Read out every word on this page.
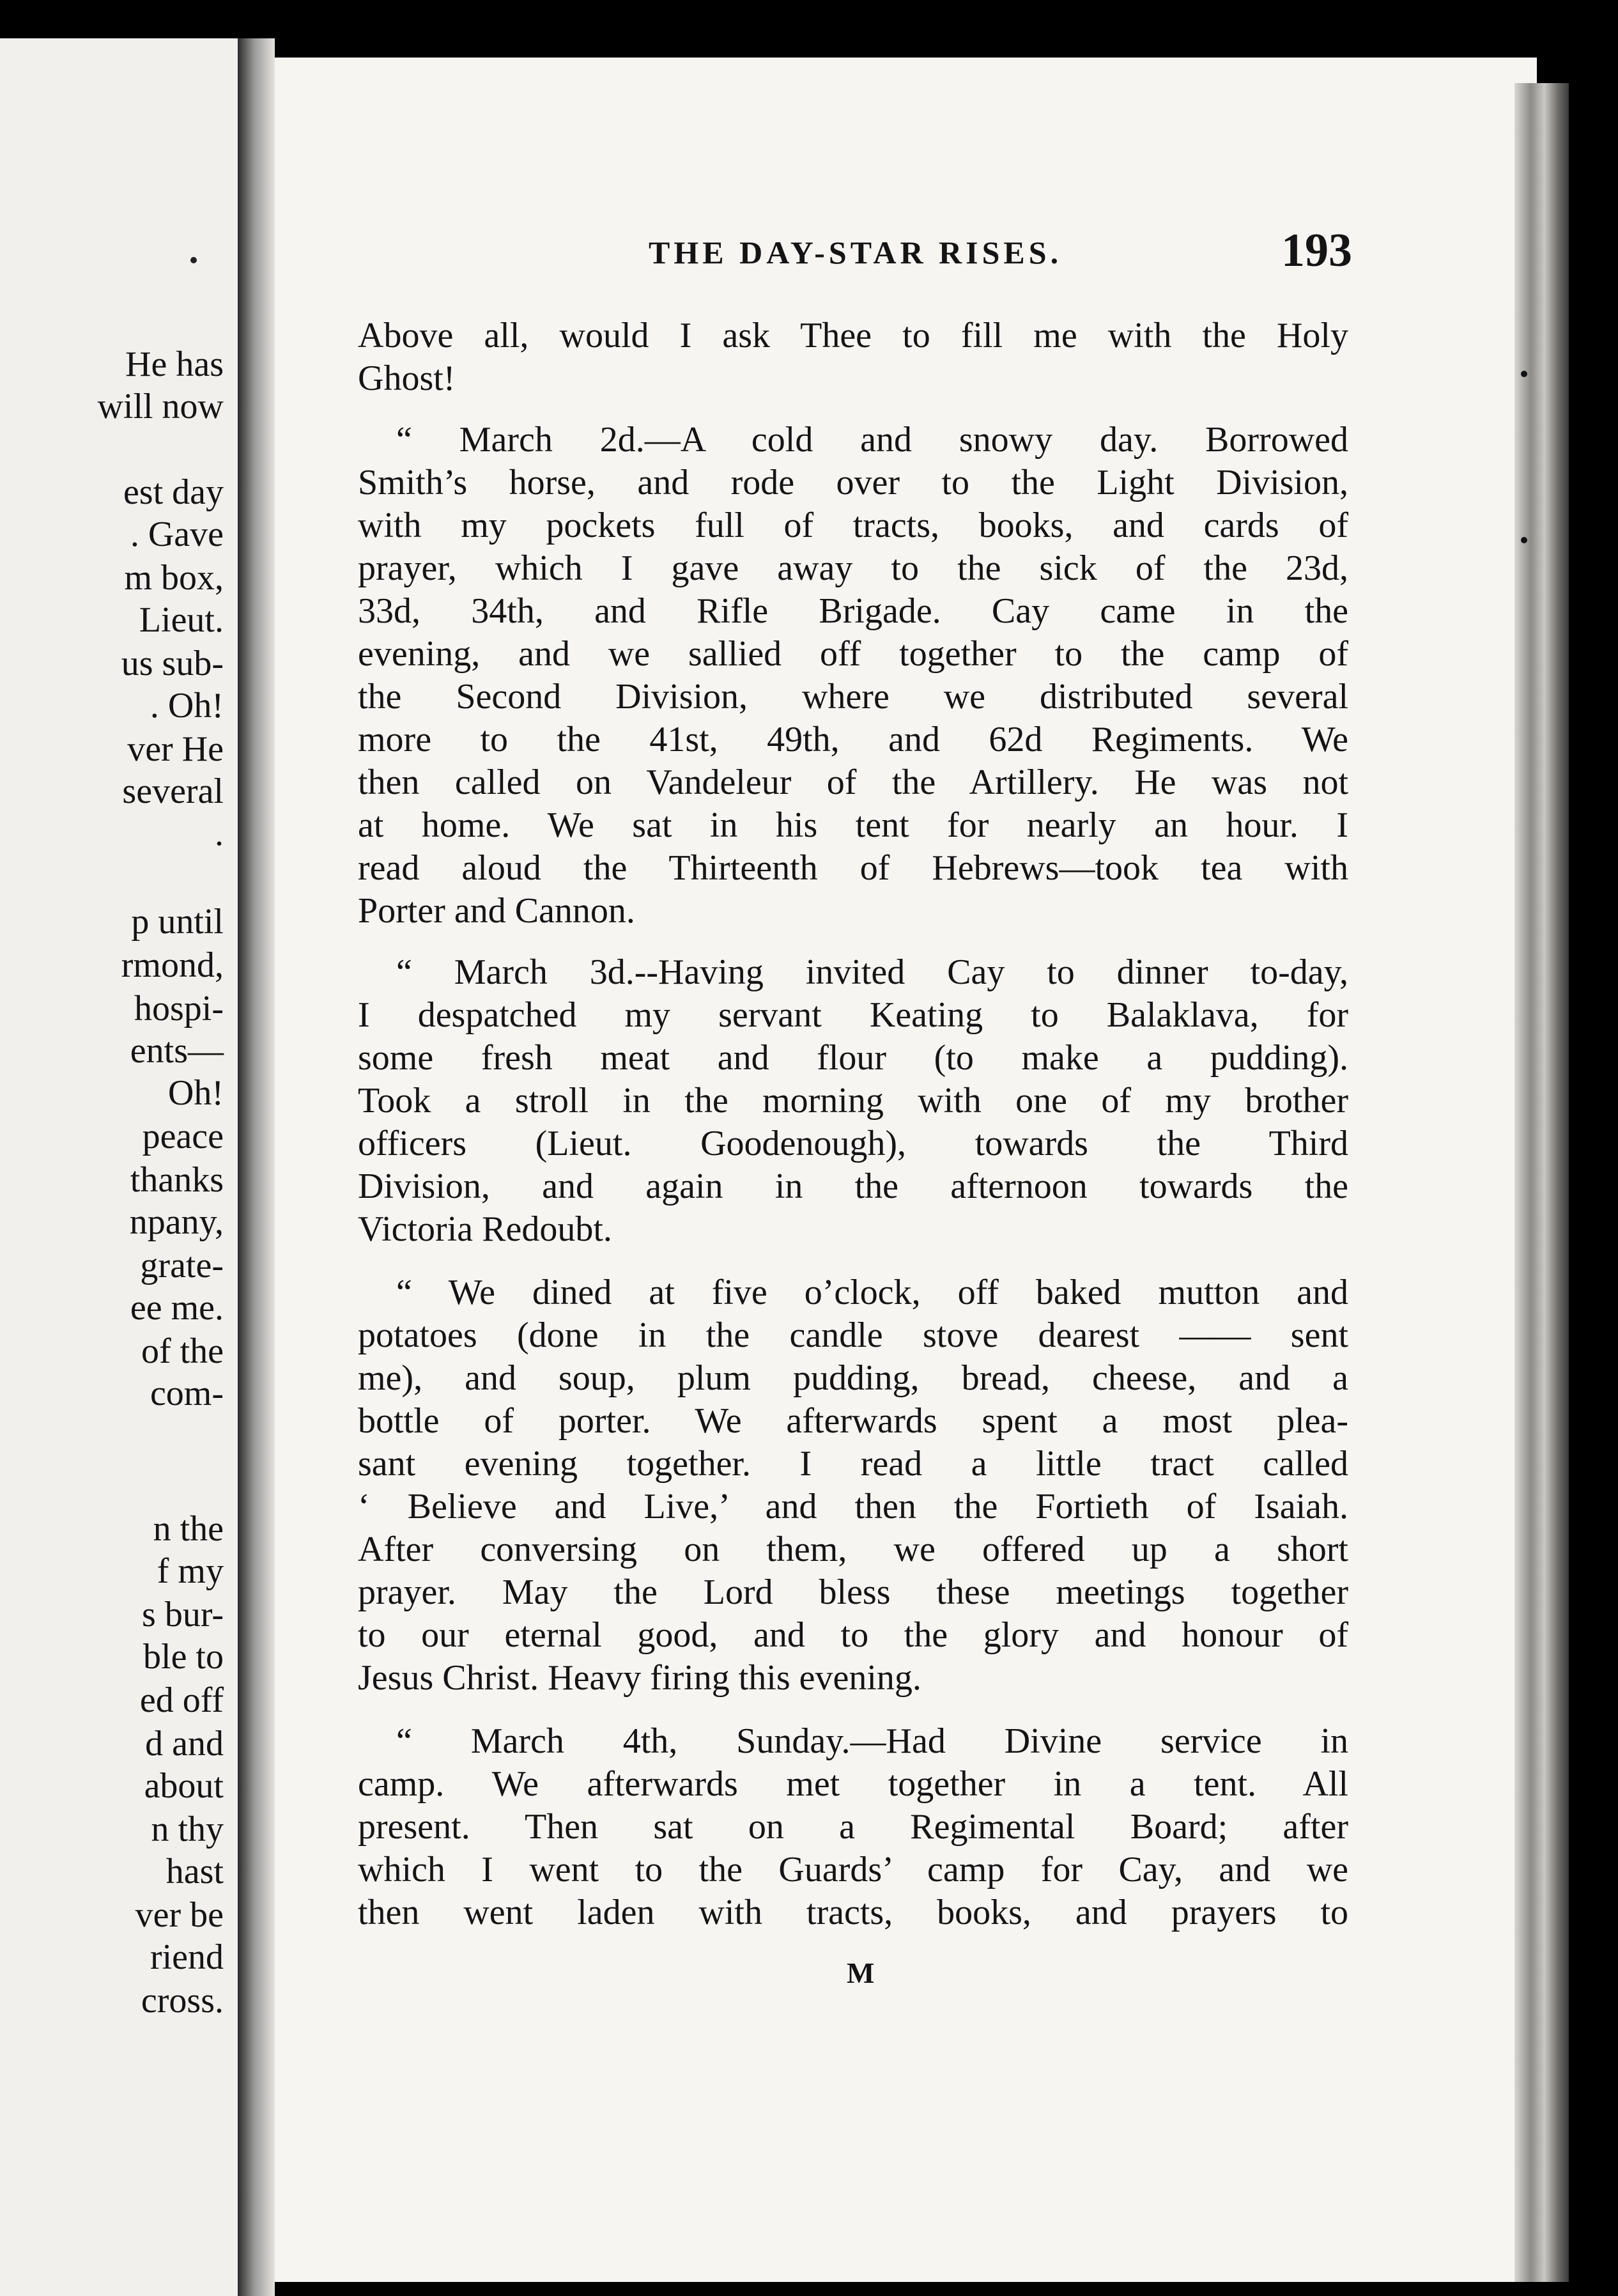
He has
will now
est day
. Gave
m box,
Lieut.
us sub-
. Oh!
ver He
several
.
p until
rmond,
hospi-
ents—
Oh!
peace
thanks
npany,
grate-
ee me.
of the
com-
n the
f my
s bur-
ble to
ed off
d and
about
n thy
hast
ver be
riend
cross.
THE DAY-STAR RISES.	193
Above all, would I ask Thee to fill me with the Holy
Ghost!
“ March 2d.—A cold and snowy day. Borrowed
Smith’s horse, and rode over to the Light Division,
with my pockets full of tracts, books, and cards of
prayer, which I gave away to the sick of the 23d,
33d, 34th, and Rifle Brigade. Cay came in the
evening, and we sallied off together to the camp of
the Second Division, where we distributed several
more to the 41st, 49th, and 62d Regiments. We
then called on Vandeleur of the Artillery. He was not
at home. We sat in his tent for nearly an hour. I
read aloud the Thirteenth of Hebrews—took tea with
Porter and Cannon.
“ March 3d.--Having invited Cay to dinner to-day,
I despatched my servant Keating to Balaklava, for
some fresh meat and flour (to make a pudding).
Took a stroll in the morning with one of my brother
officers (Lieut. Goodenough), towards the Third
Division, and again in the afternoon towards the
Victoria Redoubt.
“ We dined at five o’clock, off baked mutton and
potatoes (done in the candle stove dearest —— sent
me), and soup, plum pudding, bread, cheese, and a
bottle of porter. We afterwards spent a most plea-
sant evening together. I read a little tract called
‘ Believe and Live,’ and then the Fortieth of Isaiah.
After conversing on them, we offered up a short
prayer. May the Lord bless these meetings together
to our eternal good, and to the glory and honour of
Jesus Christ. Heavy firing this evening.
“ March 4th, Sunday.—Had Divine service in
camp. We afterwards met together in a tent. All
present. Then sat on a Regimental Board; after
which I went to the Guards’ camp for Cay, and we
then went laden with tracts, books, and prayers to
M
